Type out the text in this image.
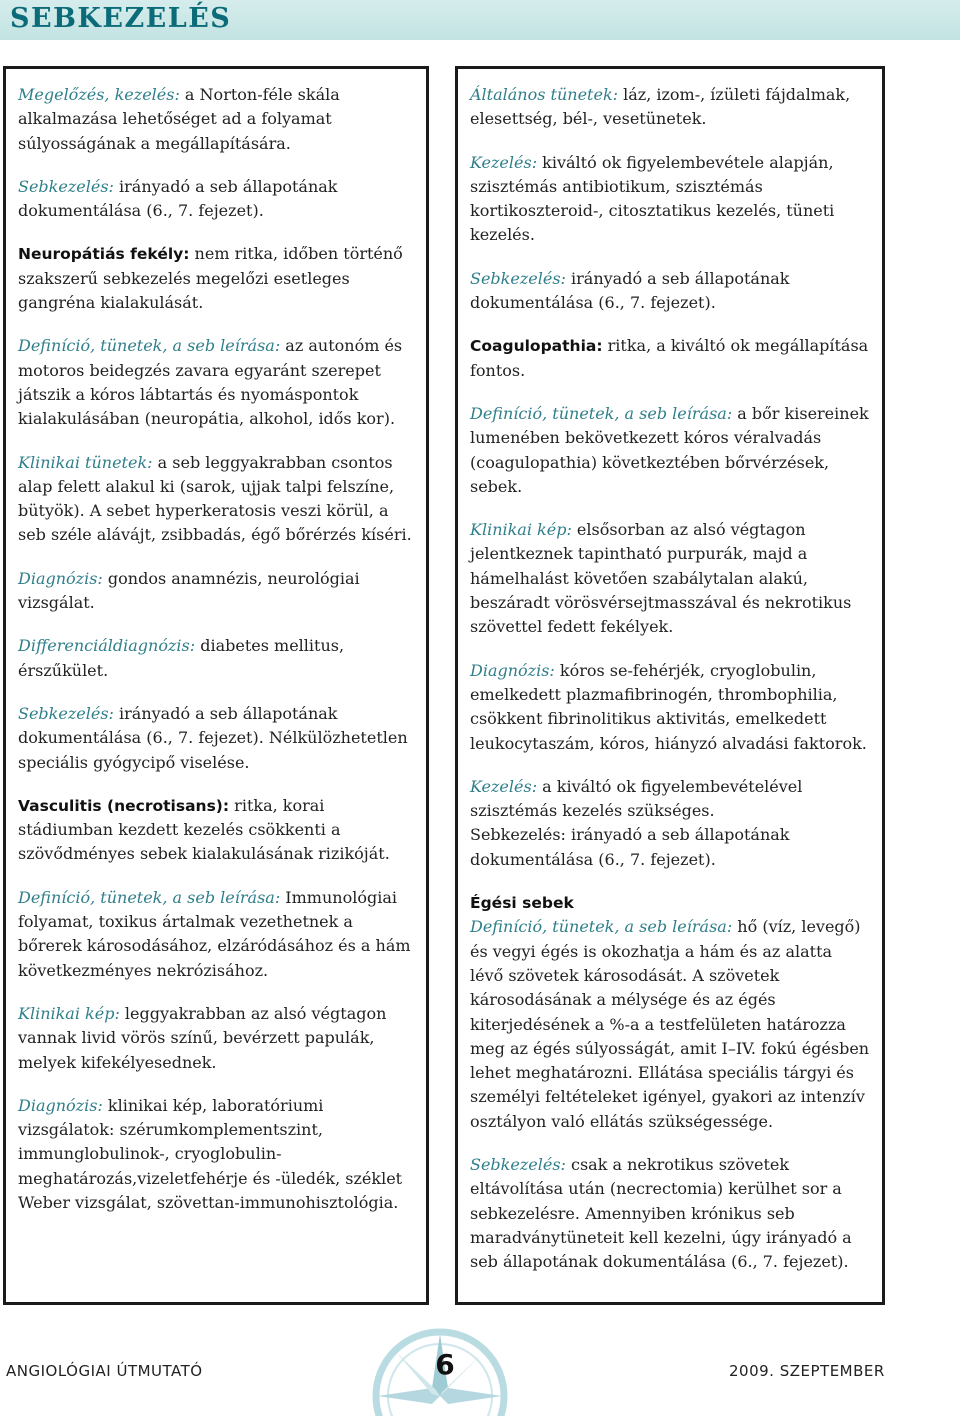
SEBKEZELÉS

Megelőzés, kezelés: a Norton-féle skála alkalmazása lehetőséget ad a folyamat súlyosságának a megállapítására.

Sebkezelés: irányadó a seb állapotának dokumentálása (6., 7. fejezet).

Neuropátiás fekély: nem ritka, időben történő szakszerű sebkezelés megelőzi esetleges gangréna kialakulását.

Definíció, tünetek, a seb leírása: az autonóm és motoros beidegzés zavara egyaránt szerepet játszik a kóros lábtartás és nyomáspontok kialakulásában (neuropátia, alkohol, idős kor).

Klinikai tünetek: a seb leggyakrabban csontos alap felett alakul ki (sarok, ujjak talpi felszíne, bütyök). A sebet hyperkeratosis veszi körül, a seb széle alávájt, zsibbadás, égő bőrérzés kíséri.

Diagnózis: gondos anamnézis, neurológiai vizsgálat.

Differenciáldiagnózis: diabetes mellitus, érszűkület.

Sebkezelés: irányadó a seb állapotának dokumentálása (6., 7. fejezet). Nélkülözhetetlen speciális gyógycipő viselése.

Vasculitis (necrotisans): ritka, korai stádiumban kezdett kezelés csökkenti a szövődményes sebek kialakulásának rizikóját.

Definíció, tünetek, a seb leírása: Immunológiai folyamat, toxikus ártalmak vezethetnek a bőrerek károsodásához, elzáródásához és a hám következményes nekrózisához.

Klinikai kép: leggyakrabban az alsó végtagon vannak livid vörös színű, bevérzett papulák, melyek kifekélyesednek.

Diagnózis: klinikai kép, laboratóriumi vizsgálatok: szérumkomplementszint, immunglobulinok-, cryoglobulin-meghatározás,vizeletfehérje és -üledék, széklet Weber vizsgálat, szövettan-immunohisztológia.

Általános tünetek: láz, izom-, ízületi fájdalmak, elesettség, bél-, vesetünetek.

Kezelés: kiváltó ok figyelembevétele alapján, szisztémás antibiotikum, szisztémás kortikoszteroid-, citosztatikus kezelés, tüneti kezelés.

Sebkezelés: irányadó a seb állapotának dokumentálása (6., 7. fejezet).

Coagulopathia: ritka, a kiváltó ok megállapítása fontos.

Definíció, tünetek, a seb leírása: a bőr kisereinek lumenében bekövetkezett kóros véralvadás (coagulopathia) következtében bőrvérzések, sebek.

Klinikai kép: elsősorban az alsó végtagon jelentkeznek tapintható purpurák, majd a hámelhalást követően szabálytalan alakú, beszáradt vörösvérsejtmasszával és nekrotikus szövettel fedett fekélyek.

Diagnózis: kóros se-fehérjék, cryoglobulin, emelkedett plazmafibrinogén, thrombophilia, csökkent fibrinolitikus aktivitás, emelkedett leukocytaszám, kóros, hiányzó alvadási faktorok.

Kezelés: a kiváltó ok figyelembevételével szisztémás kezelés szükséges.

Sebkezelés: irányadó a seb állapotának dokumentálása (6., 7. fejezet).

Égési sebek

Definíció, tünetek, a seb leírása: hő (víz, levegő) és vegyi égés is okozhatja a hám és az alatta lévő szövetek károsodását. A szövetek károsodásának a mélysége és az égés kiterjedésének a %-a a testfelületen határozza meg az égés súlyosságát, amit I–IV. fokú égésben lehet meghatározni. Ellátása speciális tárgyi és személyi feltételeket igényel, gyakori az intenzív osztályon való ellátás szükségessége.

Sebkezelés: csak a nekrotikus szövetek eltávolítása után (necrectomia) kerülhet sor a sebkezelésre. Amennyiben krónikus seb maradványtüneteit kell kezelni, úgy irányadó a seb állapotának dokumentálása (6., 7. fejezet).

ANGIOLÓGIAI ÚTMUTATÓ	6	2009. SZEPTEMBER
